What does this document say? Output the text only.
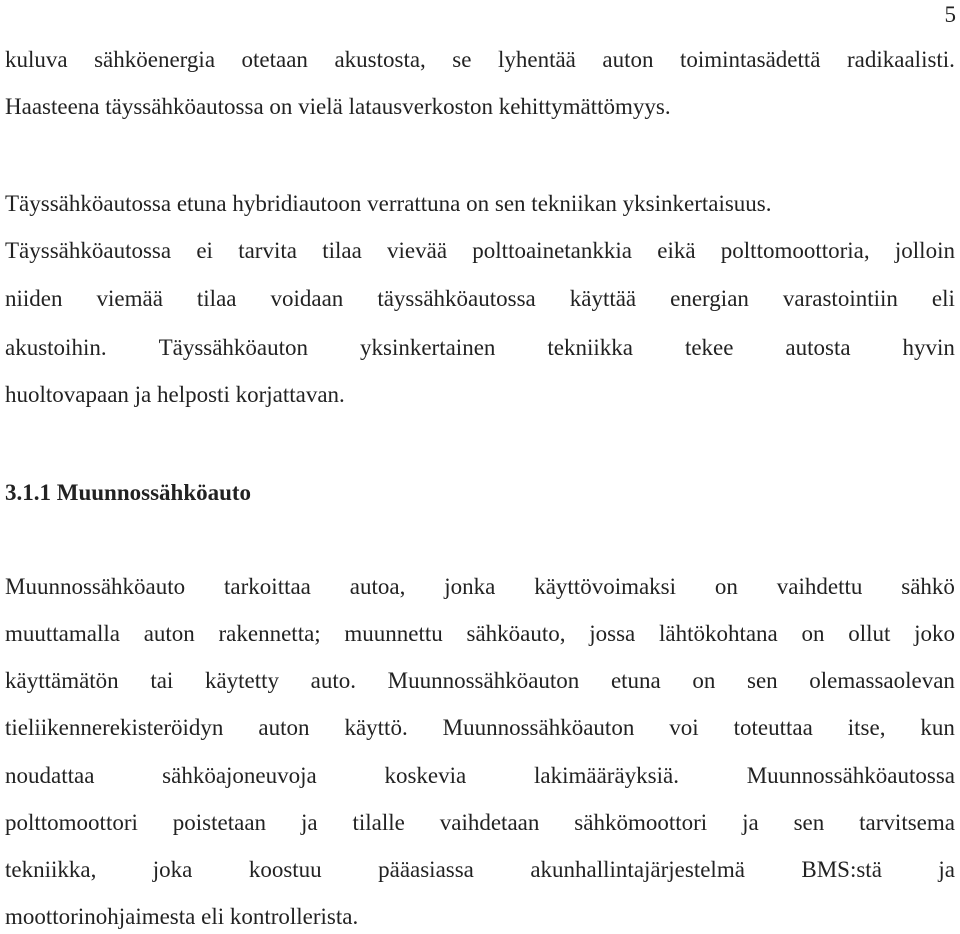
5
kuluva sähköenergia otetaan akustosta, se lyhentää auton toimintasädettä radikaalisti.
Haasteena täyssähköautossa on vielä latausverkoston kehittymättömyys.
Täyssähköautossa etuna hybridiautoon verrattuna on sen tekniikan yksinkertaisuus.
Täyssähköautossa ei tarvita tilaa vievää polttoainetankkia eikä polttomoottoria, jolloin
niiden viemää tilaa voidaan täyssähköautossa käyttää energian varastointiin eli
akustoihin. Täyssähköauton yksinkertainen tekniikka tekee autosta hyvin
huoltovapaan ja helposti korjattavan.
3.1.1 Muunnossähköauto
Muunnossähköauto tarkoittaa autoa, jonka käyttövoimaksi on vaihdettu sähkö
muuttamalla auton rakennetta; muunnettu sähköauto, jossa lähtökohtana on ollut joko
käyttämätön tai käytetty auto. Muunnossähköauton etuna on sen olemassaolevan
tieliikennerekisteröidyn auton käyttö. Muunnossähköauton voi toteuttaa itse, kun
noudattaa	sähköajoneuvoja	koskevia	lakimääräyksiä.	Muunnossähköautossa
polttomoottori poistetaan ja tilalle vaihdetaan sähkömoottori ja sen tarvitsema
tekniikka, joka koostuu pääasiassa akunhallintajärjestelmä BMS:stä ja
moottorinohjaimesta eli kontrollerista.
